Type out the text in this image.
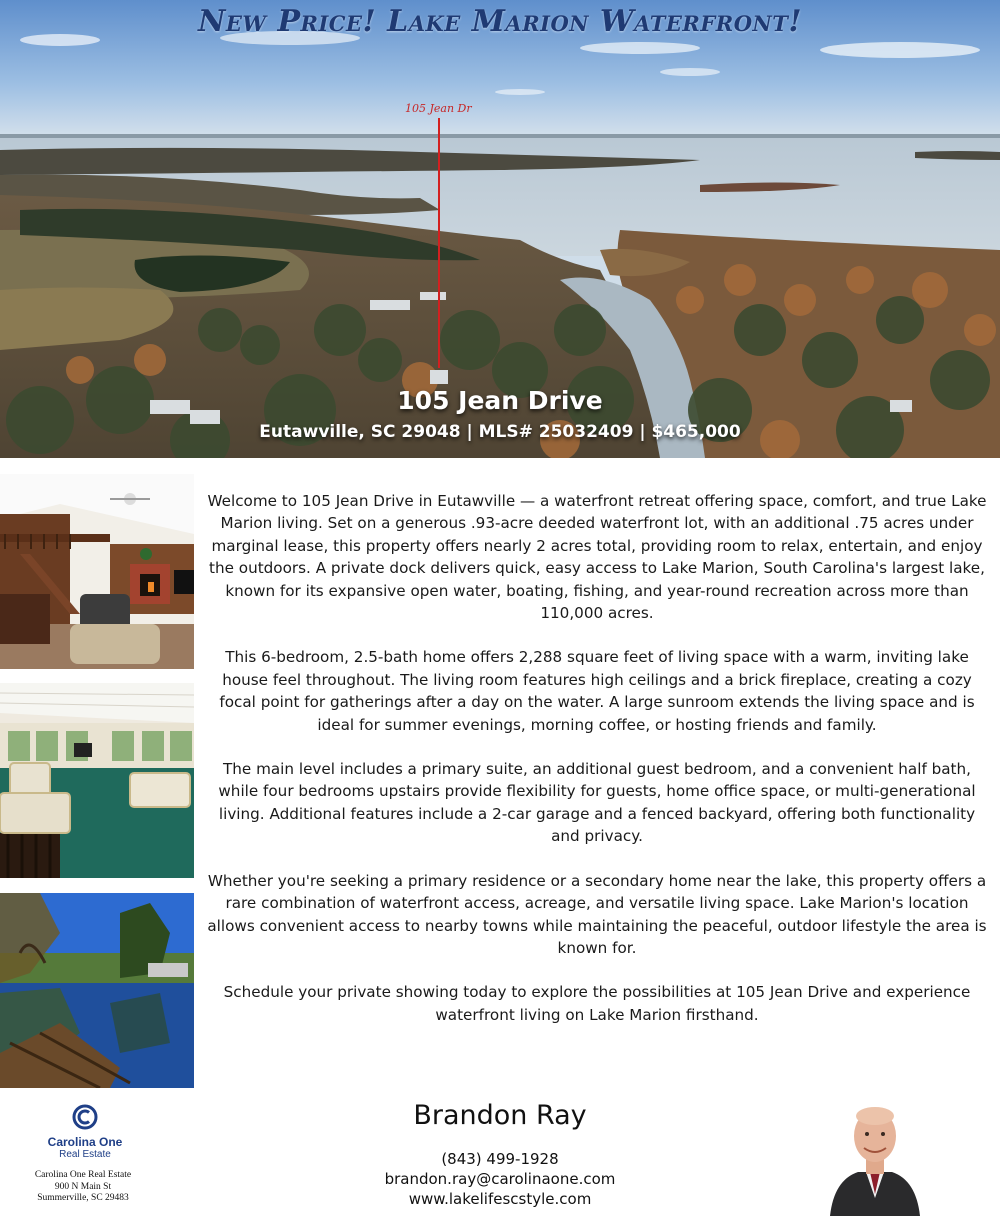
New Price! Lake Marion Waterfront!
105 Jean Dr
105 Jean Drive
Eutawville, SC 29048 | MLS# 25032409 | $465,000

Welcome to 105 Jean Drive in Eutawville — a waterfront retreat offering space, comfort, and true Lake Marion living. Set on a generous .93-acre deeded waterfront lot, with an additional .75 acres under marginal lease, this property offers nearly 2 acres total, providing room to relax, entertain, and enjoy the outdoors. A private dock delivers quick, easy access to Lake Marion, South Carolina's largest lake, known for its expansive open water, boating, fishing, and year-round recreation across more than 110,000 acres.

This 6-bedroom, 2.5-bath home offers 2,288 square feet of living space with a warm, inviting lake house feel throughout. The living room features high ceilings and a brick fireplace, creating a cozy focal point for gatherings after a day on the water. A large sunroom extends the living space and is ideal for summer evenings, morning coffee, or hosting friends and family.

The main level includes a primary suite, an additional guest bedroom, and a convenient half bath, while four bedrooms upstairs provide flexibility for guests, home office space, or multi-generational living. Additional features include a 2-car garage and a fenced backyard, offering both functionality and privacy.

Whether you're seeking a primary residence or a secondary home near the lake, this property offers a rare combination of waterfront access, acreage, and versatile living space. Lake Marion's location allows convenient access to nearby towns while maintaining the peaceful, outdoor lifestyle the area is known for.

Schedule your private showing today to explore the possibilities at 105 Jean Drive and experience waterfront living on Lake Marion firsthand.

Carolina One
Real Estate
Carolina One Real Estate
900 N Main St
Summerville, SC 29483
Brandon Ray
(843) 499-1928
brandon.ray@carolinaone.com
www.lakelifescstyle.com
